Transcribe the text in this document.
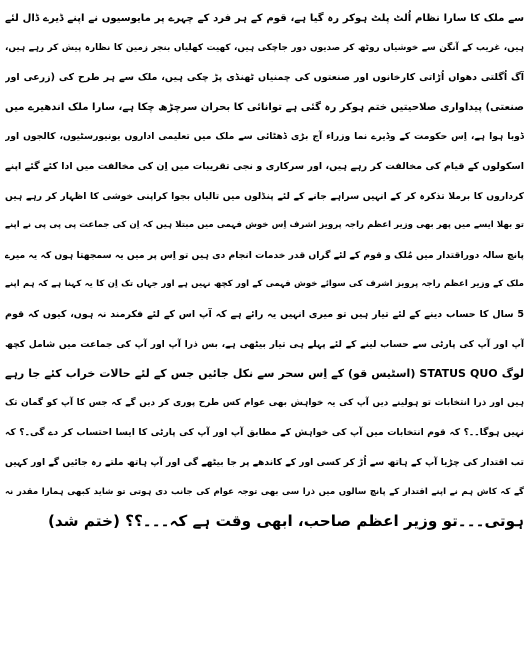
سے ملک کا سارا نظام اُلٹ پلٹ ہوکر رہ گیا ہے، قوم کے ہر فرد کے چہرے پر مایوسیوں نے اپنے ڈیرے ڈال لئے
ہیں، غریب کے آنگن سے خوشیاں روٹھ کر صدیوں دور جاچکی ہیں، کھیت کھلیاں بنجر زمین کا نظارہ پیش کر رہے ہیں،
آگ اُگلتی دھواں اُڑاتی کارخانوں اور صنعتوں کی چمنیاں ٹھنڈی پڑ چکی ہیں، ملک سے ہر طرح کی (زرعی اور
صنعتی) پیداواری صلاحیتیں ختم ہوکر رہ گئی ہے توانائی کا بحران سرچڑھ چکا ہے، سارا ملک اندھیرے میں
ڈوبا ہوا ہے، اِس حکومت کے وڈیرے نما وزراء آج بڑی ڈھٹائی سے ملک میں تعلیمی اداروں یونیورسٹیوں، کالجوں اور
اسکولوں کے قیام کی مخالفت کر رہے ہیں، اور سرکاری و نجی تقریبات میں اِن کی مخالفت میں ادا کئے گئے اپنے
کرداروں کا برملا تذکرہ کر کے انہیں سراہے جانے کے لئے پنڈلوں میں تالیاں بجوا کراپنی خوشی کا اظہار کر رہے ہیں
تو بھلا ایسے میں پھر بھی وزیر اعظم راجہ پرویز اشرف اِس خوش فہمی میں مبتلا ہیں کہ اِن کی جماعت پی پی پی نے اپنے
پانچ سالہ دوراقتدار میں مُلک و قوم کے لئے گراں قدر خدمات انجام دی ہیں تو اِس پر میں یہ سمجھتا ہوں کہ یہ میرے
ملک کے وزیر اعظم راجہ پرویز اشرف کی سوائے خوش فہمی کے اور کچھ نہیں ہے اور جہاں تک اِن کا یہ کہنا ہے کہ ہم اپنے
5 سال کا حساب دینے کے لئے تیار ہیں تو میری انہیں یہ رائے ہے کہ آپ اس کے لئے فکرمند نہ ہوں، کیوں کہ قوم
آپ اور آپ کی پارٹی سے حساب لینے کے لئے پہلے ہی تیار بیٹھی ہے، بس ذرا آپ اور آپ کی جماعت میں شامل کچھ
لوگ STATUS QUO (اسٹیس قو) کے اِس سحر سے نکل جائیں جس کے لئے حالات خراب کئے جا رہے
ہیں اور ذرا انتخابات تو ہولینے دیں آپ کی یہ خواہش بھی عوام کس طرح پوری کر دیں گے کہ جس کا آپ کو گمان تک
نہیں ہوگا۔۔؟ کہ قوم انتخابات میں آپ کی خواہش کے مطابق آپ اور آپ کی پارٹی کا ایسا احتساب کر دے گی۔؟ کہ
تب اقتدار کی چڑیا آپ کے ہاتھ سے اُڑ کر کسی اور کے کاندھے پر جا بیٹھے گی اور آپ ہاتھ ملتے رہ جائیں گے اور کہیں
گے کہ کاش ہم نے اپنے اقتدار کے پانچ سالوں میں ذرا سی بھی توجہ عوام کی جانب دی ہوتی تو شاید کبھی ہمارا مقدر نہ
ہوتی۔۔۔تو وزیر اعظم صاحب، ابھی وقت ہے کہ۔۔۔؟؟ (ختم شد)
